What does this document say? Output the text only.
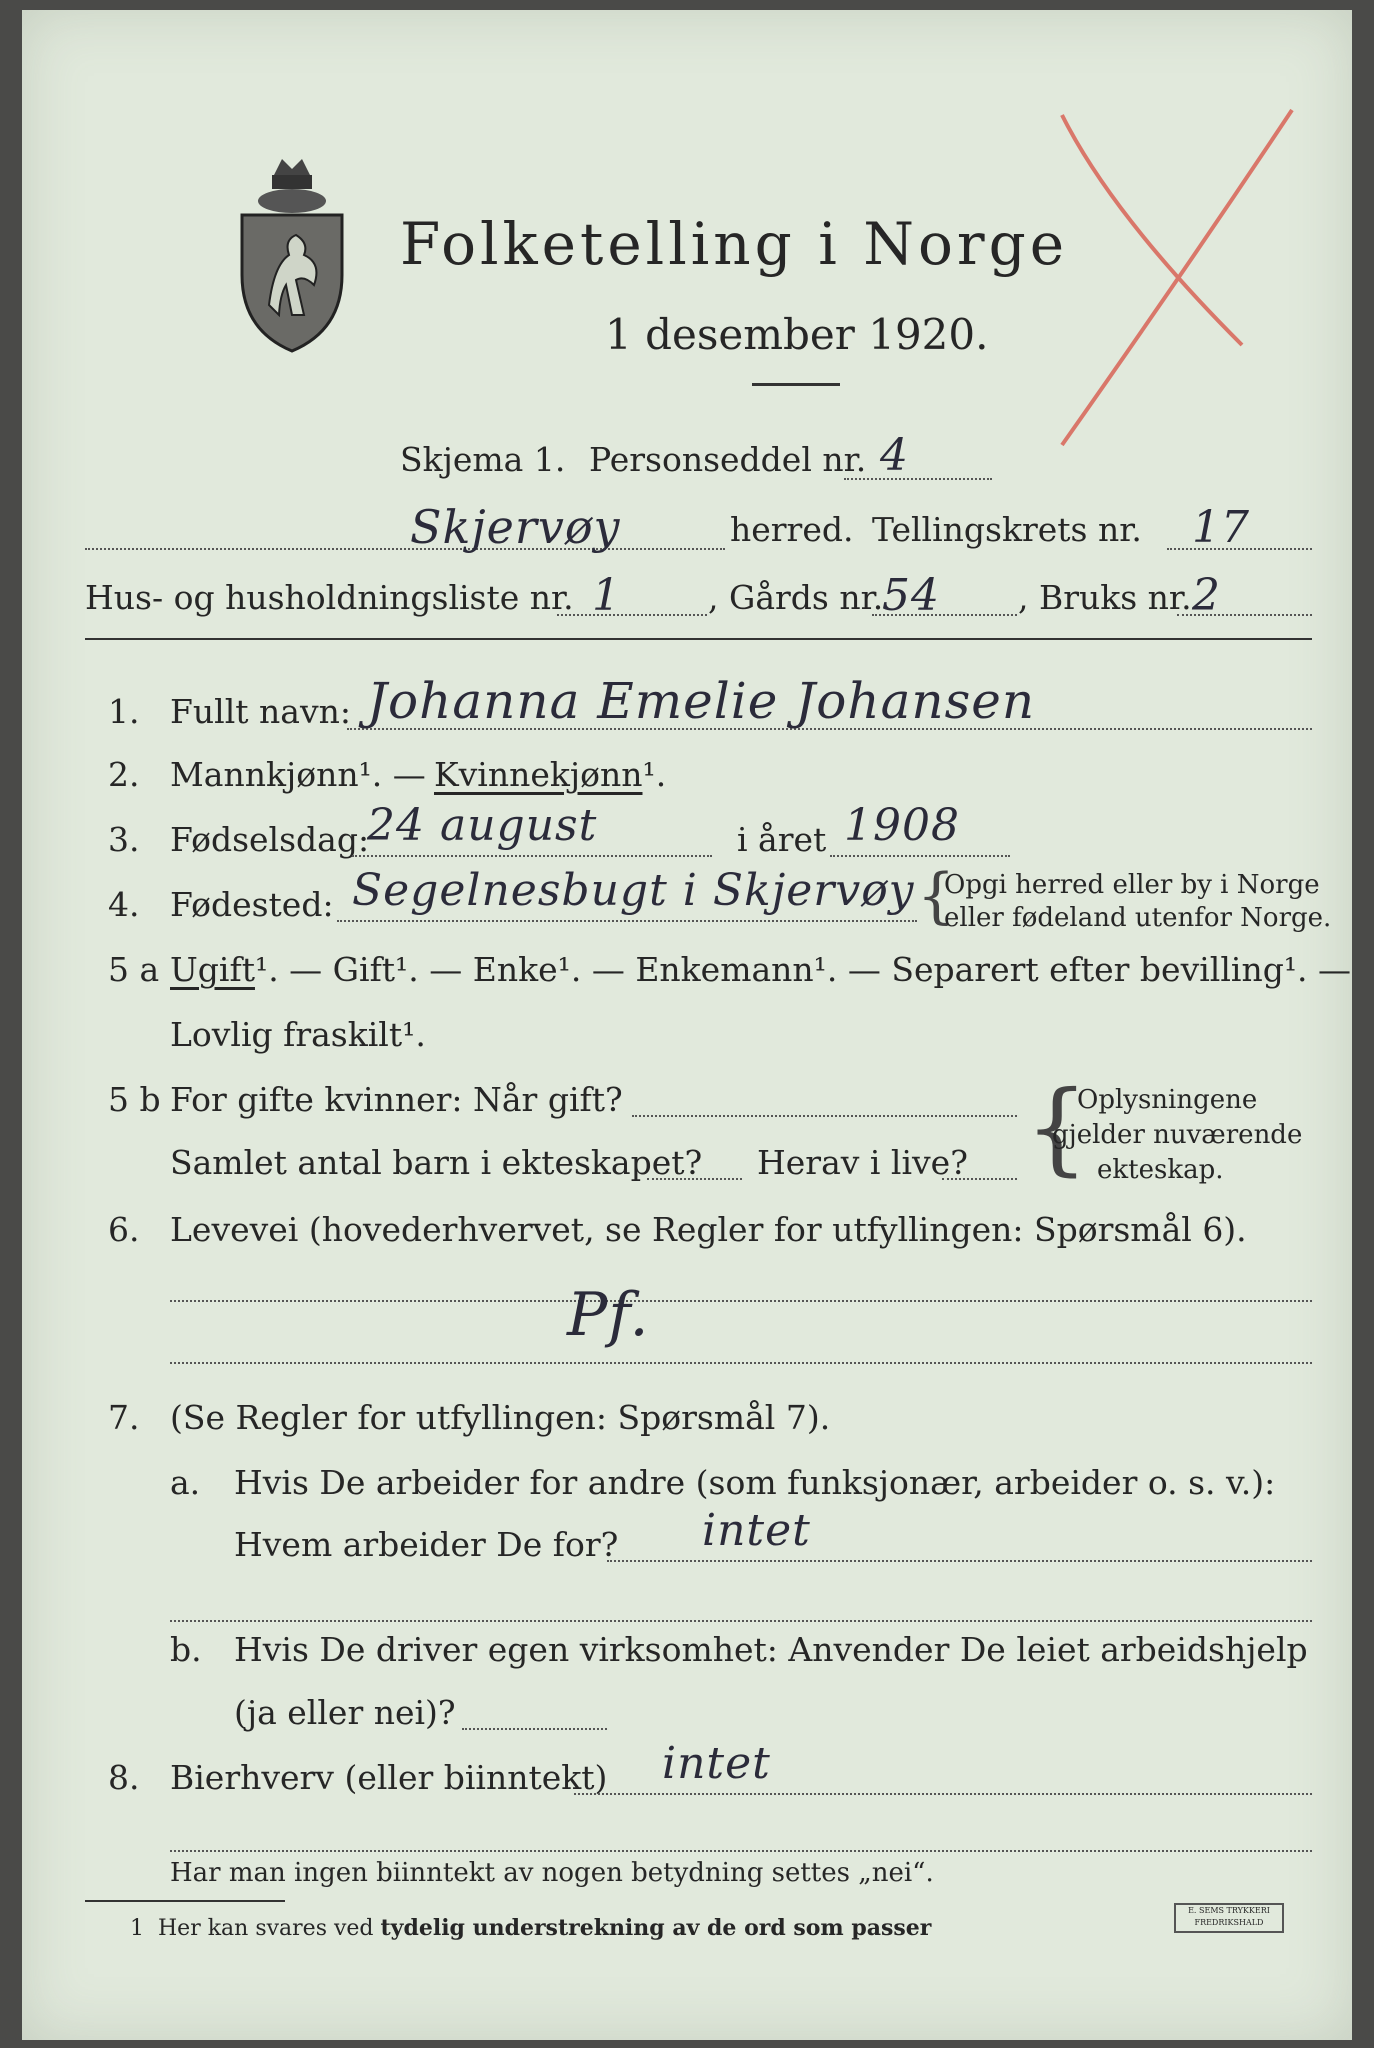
Folketelling i Norge
1 desember 1920.
Skjema 1. Personseddel nr. 4
Skjervøy	herred. Tellingskrets nr. 17
Hus- og husholdningsliste nr. 1	, Gårds nr.
54 , Bruks nr. 2
1. Fullt navn: Johanna Emelie Johansen
2. Mannkjønn¹. — Kvinnekjønn¹.
3. Fødselsdag:
24 august	i året 1908
4. Fødested: Segelnesbugt i Skjervøy {
Opgi herred eller by i Norge
eller fødeland utenfor Norge.
5 a Ugift¹. — Gift¹. — Enke¹. — Enkemann¹. — Separert efter bevilling¹. —
Lovlig fraskilt¹.
5 b For gifte kvinner: Når gift?
Samlet antal barn i ekteskapet? Herav i live? {
Oplysningene
gjelder nuværende
ekteskap.
6. Levevei (hovederhvervet, se Regler for utfyllingen: Spørsmål 6).
Pf.
7. (Se Regler for utfyllingen: Spørsmål 7).
a. Hvis De arbeider for andre (som funksjonær, arbeider o. s. v.):
Hvem arbeider De for? intet
b. Hvis De driver egen virksomhet: Anvender De leiet arbeidshjelp
(ja eller nei)?
8. Bierhverv (eller biinntekt) intet
Har man ingen biinntekt av nogen betydning settes „nei“.
1 Her kan svares ved tydelig understrekning av de ord som passer
E. SEMS TRYKKERI FREDRIKSHALD
